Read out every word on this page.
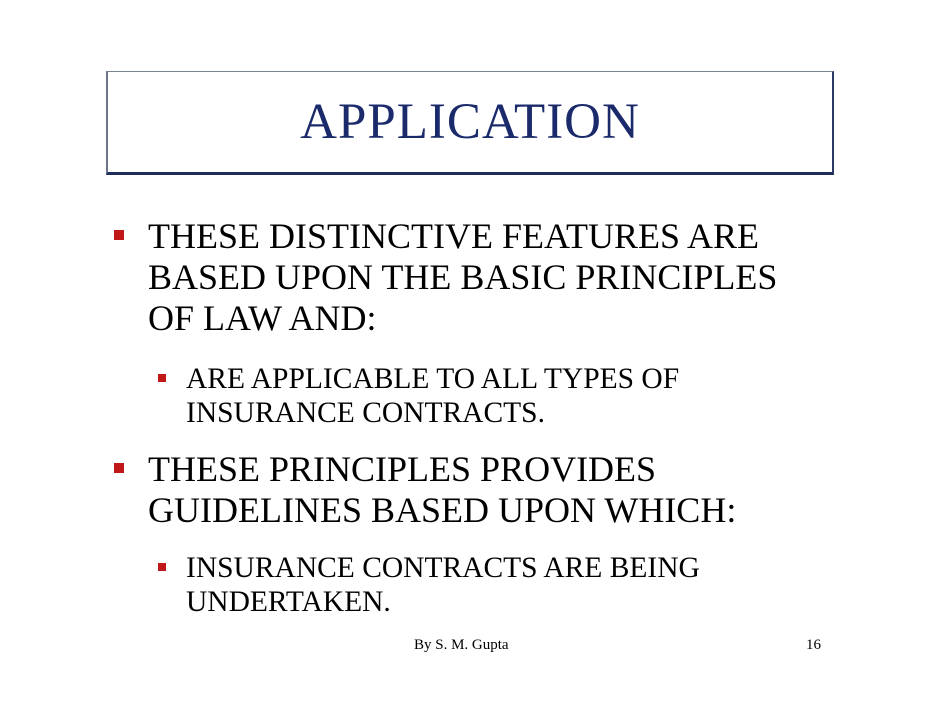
APPLICATION
THESE DISTINCTIVE FEATURES ARE
BASED UPON THE BASIC PRINCIPLES
OF LAW AND:
ARE APPLICABLE TO ALL TYPES OF
INSURANCE CONTRACTS.
THESE PRINCIPLES PROVIDES
GUIDELINES BASED UPON WHICH:
INSURANCE CONTRACTS ARE BEING
UNDERTAKEN.
By S. M. Gupta	16
